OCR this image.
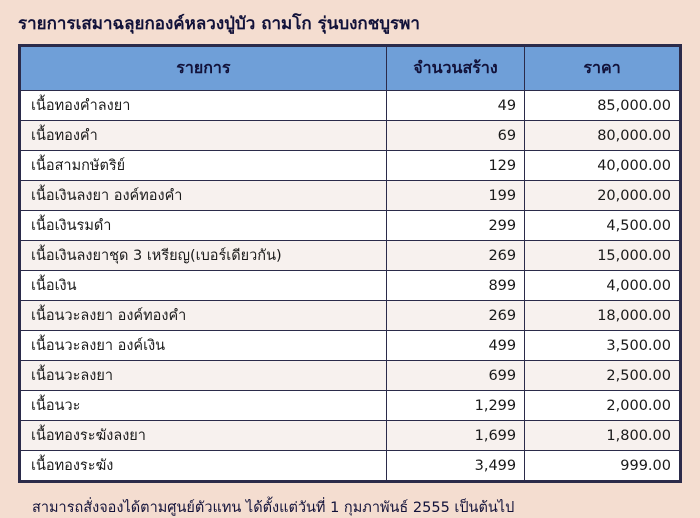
รายการเสมาฉลุยกองค์หลวงปู่บัว ถามโก รุ่นบงกชบูรพา
รายการ	จำนวนสร้าง	ราคา
เนื้อทองคำลงยา	49	85,000.00
เนื้อทองคำ	69	80,000.00
เนื้อสามกษัตริย์	129	40,000.00
เนื้อเงินลงยา องค์ทองคำ	199	20,000.00
เนื้อเงินรมดำ	299	4,500.00
เนื้อเงินลงยาชุด 3 เหรียญ(เบอร์เดียวกัน)	269	15,000.00
เนื้อเงิน	899	4,000.00
เนื้อนวะลงยา องค์ทองคำ	269	18,000.00
เนื้อนวะลงยา องค์เงิน	499	3,500.00
เนื้อนวะลงยา	699	2,500.00
เนื้อนวะ	1,299	2,000.00
เนื้อทองระฆังลงยา	1,699	1,800.00
เนื้อทองระฆัง	3,499	999.00
สามารถสั่งจองได้ตามศูนย์ตัวแทน ได้ตั้งแต่วันที่ 1 กุมภาพันธ์ 2555 เป็นต้นไป
